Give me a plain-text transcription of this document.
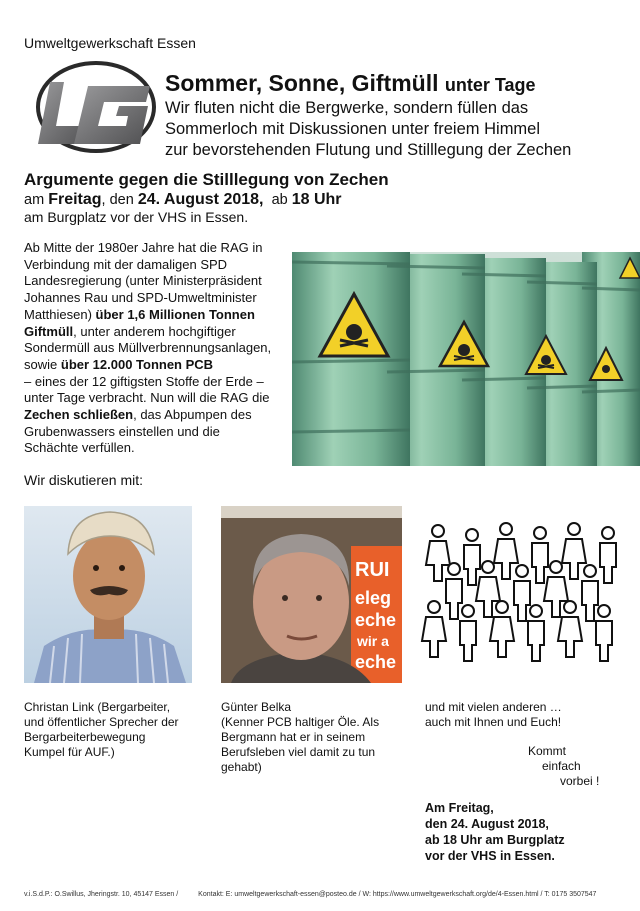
Umweltgewerkschaft Essen
Sommer, Sonne, Giftmüll unter Tage
Wir fluten nicht die Bergwerke, sondern füllen das
Sommerloch mit Diskussionen unter freiem Himmel
zur bevorstehenden Flutung und Stilllegung der Zechen
Argumente gegen die Stilllegung von Zechen
am Freitag, den 24. August 2018, ab 18 Uhr
am Burgplatz vor der VHS in Essen.
Ab Mitte der 1980er Jahre hat die RAG in
Verbindung mit der damaligen SPD
Landesregierung (unter Ministerpräsident
Johannes Rau und SPD-Umweltminister
Matthiesen) über 1,6 Millionen Tonnen
Giftmüll, unter anderem hochgiftiger
Sondermüll aus Müllverbrennungsanlagen,
sowie über 12.000 Tonnen PCB
– eines der 12 giftigsten Stoffe der Erde –
unter Tage verbracht. Nun will die RAG die
Zechen schließen, das Abpumpen des
Grubenwassers einstellen und die
Schächte verfüllen.
Wir diskutieren mit:
RUI
eleg
eche
wir a
eche
Christan Link (Bergarbeiter,
und öffentlicher Sprecher der
Bergarbeiterbewegung
Kumpel für AUF.)
Günter Belka
(Kenner PCB haltiger Öle. Als
Bergmann hat er in seinem
Berufsleben viel damit zu tun
gehabt)
und mit vielen anderen …
auch mit Ihnen und Euch!
Kommt
einfach
vorbei !
Am Freitag,
den 24. August 2018,
ab 18 Uhr am Burgplatz
vor der VHS in Essen.
v.i.S.d.P.: O.Swillus, Jheringstr. 10, 45147 Essen /	Kontakt: E: umweltgewerkschaft-essen@posteo.de / W: https://www.umweltgewerkschaft.org/de/4-Essen.html / T: 0175 3507547
